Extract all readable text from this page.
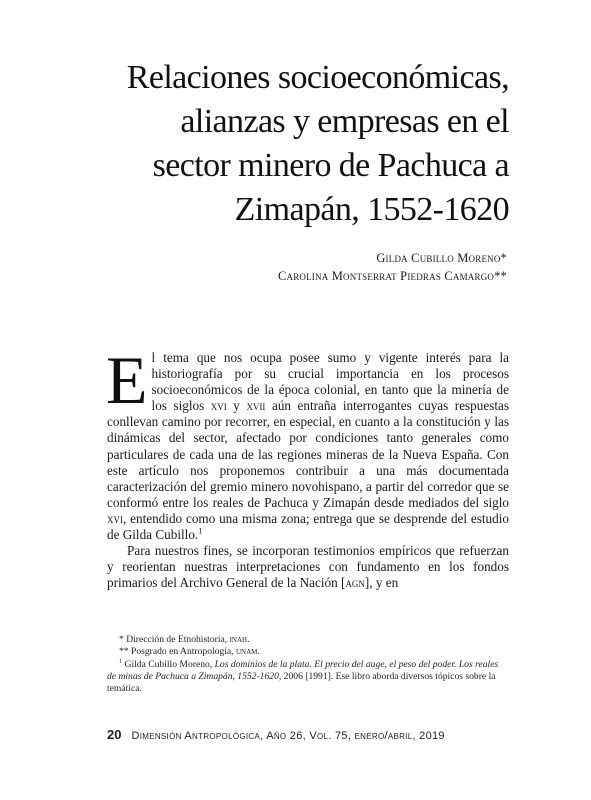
Relaciones socioeconómicas,
alianzas y empresas en el
sector minero de Pachuca a
Zimapán, 1552-1620
Gilda Cubillo Moreno*
Carolina Montserrat Piedras Camargo**

El tema que nos ocupa posee sumo y vigente interés para la historiografía por su crucial importancia en los procesos socioeconómicos de la época colonial, en tanto que la minería de los siglos xvi y xvii aún entraña interrogantes cuyas respuestas conllevan camino por recorrer, en especial, en cuanto a la constitución y las dinámicas del sector, afectado por condiciones tanto generales como particulares de cada una de las regiones mineras de la Nueva España. Con este artículo nos proponemos contribuir a una más documentada caracterización del gremio minero novohispano, a partir del corredor que se conformó entre los reales de Pachuca y Zimapán desde mediados del siglo xvi, entendido como una misma zona; entrega que se desprende del estudio de Gilda Cubillo.$^1$

Para nuestros fines, se incorporan testimonios empíricos que refuerzan y reorientan nuestras interpretaciones con fundamento en los fondos primarios del Archivo General de la Nación [agn], y en

* Dirección de Etnohistoria, inah.

** Posgrado en Antropología, unam.

$^1$ Gilda Cubillo Moreno, Los dominios de la plata. El precio del auge, el peso del poder. Los reales de minas de Pachuca a Zimapán, 1552-1620, 2006 [1991]. Ese libro aborda diversos tópicos sobre la temática.

20 Dimensión Antropológica, Año 26, Vol. 75, enero/abril, 2019
